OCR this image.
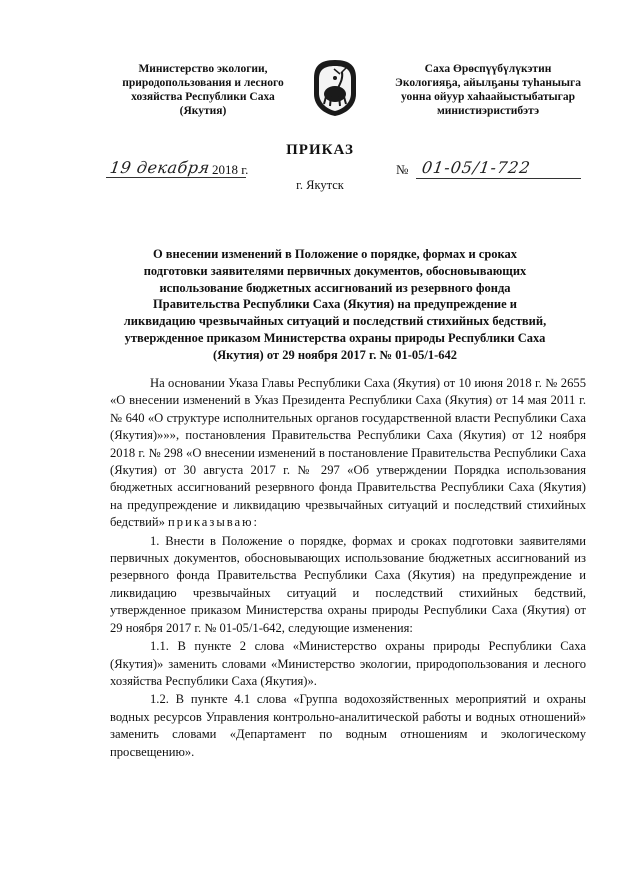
Министерство экологии,
природопользования и лесного
хозяйства Республики Саха
(Якутия)
Саха Өрөспүүбүлүкэтин
Экологияҕа, айылҕаны туһаныыга
уонна ойуур хаһаайыстыбатыгар
министиэристибэтэ
ПРИКАЗ
19 декабря 2018 г.	№ 01-05/1-722
г. Якутск
О внесении изменений в Положение о порядке, формах и сроках
подготовки заявителями первичных документов, обосновывающих
использование бюджетных ассигнований из резервного фонда
Правительства Республики Саха (Якутия) на предупреждение и
ликвидацию чрезвычайных ситуаций и последствий стихийных бедствий,
утвержденное приказом Министерства охраны природы Республики Саха
(Якутия) от 29 ноября 2017 г. № 01-05/1-642

На основании Указа Главы Республики Саха (Якутия) от 10 июня 2018 г. № 2655 «О внесении изменений в Указ Президента Республики Саха (Якутия) от 14 мая 2011 г. № 640 «О структуре исполнительных органов государственной власти Республики Саха (Якутия)»»», постановления Правительства Республики Саха (Якутия) от 12 ноября 2018 г. № 298 «О внесении изменений в постановление Правительства Республики Саха (Якутия) от 30 августа 2017 г. № 297 «Об утверждении Порядка использования бюджетных ассигнований резервного фонда Правительства Республики Саха (Якутия) на предупреждение и ликвидацию чрезвычайных ситуаций и последствий стихийных бедствий» приказываю:

1. Внести в Положение о порядке, формах и сроках подготовки заявителями первичных документов, обосновывающих использование бюджетных ассигнований из резервного фонда Правительства Республики Саха (Якутия) на предупреждение и ликвидацию чрезвычайных ситуаций и последствий стихийных бедствий, утвержденное приказом Министерства охраны природы Республики Саха (Якутия) от 29 ноября 2017 г. № 01-05/1-642, следующие изменения:

1.1. В пункте 2 слова «Министерство охраны природы Республики Саха (Якутия)» заменить словами «Министерство экологии, природопользования и лесного хозяйства Республики Саха (Якутия)».

1.2. В пункте 4.1 слова «Группа водохозяйственных мероприятий и охраны водных ресурсов Управления контрольно-аналитической работы и водных отношений» заменить словами «Департамент по водным отношениям и экологическому просвещению».
